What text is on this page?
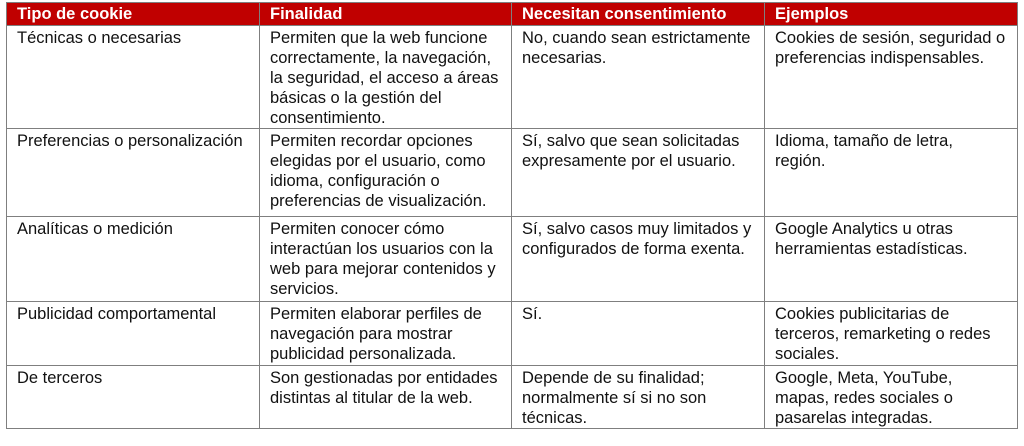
Tipo de cookie	Finalidad	Necesitan consentimiento	Ejemplos
Técnicas o necesarias	Permiten que la web funcione correctamente, la navegación, la seguridad, el acceso a áreas básicas o la gestión del consentimiento.	No, cuando sean estrictamente necesarias.	Cookies de sesión, seguridad o preferencias indispensables.
Preferencias o personalización	Permiten recordar opciones elegidas por el usuario, como idioma, configuración o preferencias de visualización.	Sí, salvo que sean solicitadas expresamente por el usuario.	Idioma, tamaño de letra, región.
Analíticas o medición	Permiten conocer cómo interactúan los usuarios con la web para mejorar contenidos y servicios.	Sí, salvo casos muy limitados y configurados de forma exenta.	Google Analytics u otras herramientas estadísticas.
Publicidad comportamental	Permiten elaborar perfiles de navegación para mostrar publicidad personalizada.	Sí.	Cookies publicitarias de terceros, remarketing o redes sociales.
De terceros	Son gestionadas por entidades distintas al titular de la web.	Depende de su finalidad; normalmente sí si no son técnicas.	Google, Meta, YouTube, mapas, redes sociales o pasarelas integradas.
